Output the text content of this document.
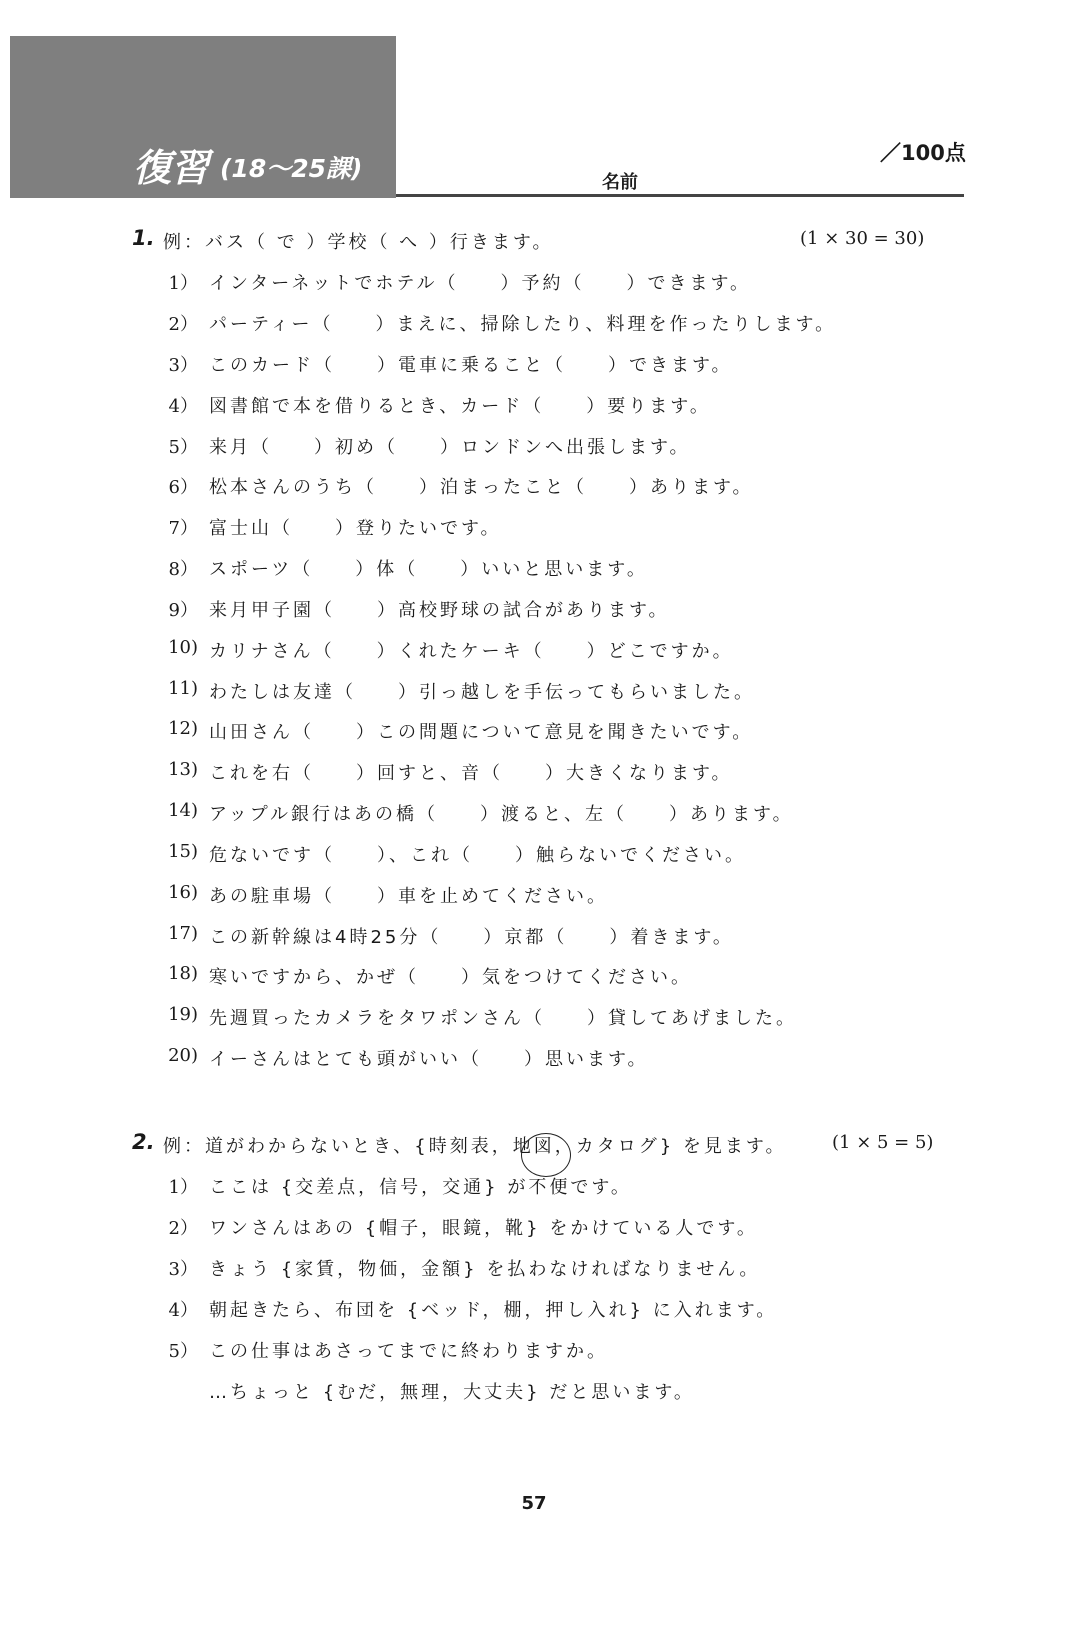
復習 (18～25課)	名前
／100点
1. 例：バス（ で ）学校（ へ ）行きます。	(1 × 30 = 30)
1） インターネットでホテル（　　）予約（　　）できます。
2） パーティー（　　）まえに、掃除したり、料理を作ったりします。
3） このカード（　　）電車に乗ること（　　）できます。
4） 図書館で本を借りるとき、カード（　　）要ります。
5） 来月（　　）初め（　　）ロンドンへ出張します。
6） 松本さんのうち（　　）泊まったこと（　　）あります。
7） 富士山（　　）登りたいです。
8） スポーツ（　　）体（　　）いいと思います。
9） 来月甲子園（　　）高校野球の試合があります。
10) カリナさん（　　）くれたケーキ（　　）どこですか。
11) わたしは友達（　　）引っ越しを手伝ってもらいました。
12) 山田さん（　　）この問題について意見を聞きたいです。
13) これを右（　　）回すと、音（　　）大きくなります。
14) アップル銀行はあの橋（　　）渡ると、左（　　）あります。
15) 危ないです（　　）、これ（　　）触らないでください。
16) あの駐車場（　　）車を止めてください。
17) この新幹線は4時25分（　　）京都（　　）着きます。
18) 寒いですから、かぜ（　　）気をつけてください。
19) 先週買ったカメラをタワポンさん（　　）貸してあげました。
20) イーさんはとても頭がいい（　　）思います。
2. 例：道がわからないとき、{時刻表，地図，カタログ} を見ます。	(1 × 5 = 5)
1） ここは {交差点，信号，交通} が不便です。
2） ワンさんはあの {帽子，眼鏡，靴} をかけている人です。
3） きょう {家賃，物価，金額} を払わなければなりません。
4） 朝起きたら、布団を {ベッド，棚，押し入れ} に入れます。
5） この仕事はあさってまでに終わりますか。
…ちょっと {むだ，無理，大丈夫} だと思います。
57
